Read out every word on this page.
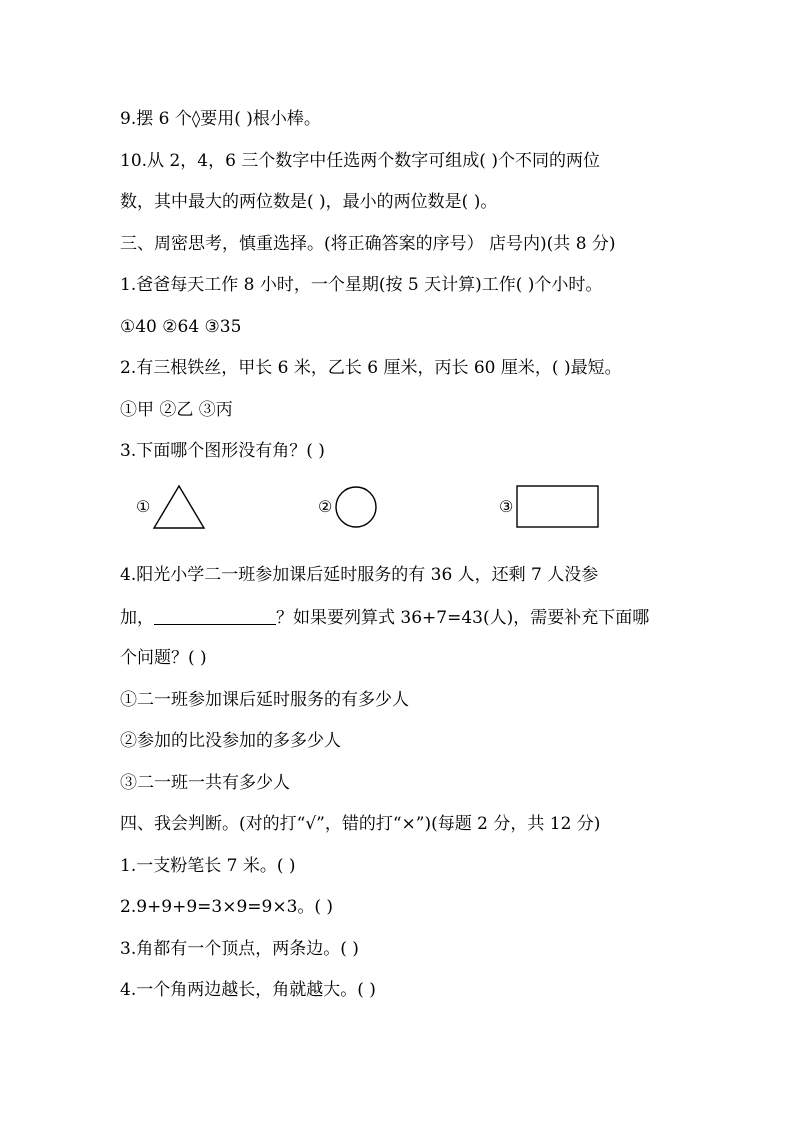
9.摆 6 个◊要用( )根小棒。
10.从 2，4，6 三个数字中任选两个数字可组成( )个不同的两位
数，其中最大的两位数是( )，最小的两位数是( )。
三、周密思考，慎重选择。(将正确答案的序号） 店号内)(共 8 分)
1.爸爸每天工作 8 小时，一个星期(按 5 天计算)工作( )个小时。
①40 ②64 ③35
2.有三根铁丝，甲长 6 米，乙长 6 厘米，丙长 60 厘米，( )最短。
①甲 ②乙 ③丙
3.下面哪个图形没有角？( )
①	②	③
4.阳光小学二一班参加课后延时服务的有 36 人，还剩 7 人没参
加，	？如果要列算式 36+7=43(人)，需要补充下面哪
个问题？( )
①二一班参加课后延时服务的有多少人
②参加的比没参加的多多少人
③二一班一共有多少人
四、我会判断。(对的打“√”，错的打“×”)(每题 2 分，共 12 分)
1.一支粉笔长 7 米。( )
2.9+9+9=3×9=9×3。( )
3.角都有一个顶点，两条边。( )
4.一个角两边越长，角就越大。( )
